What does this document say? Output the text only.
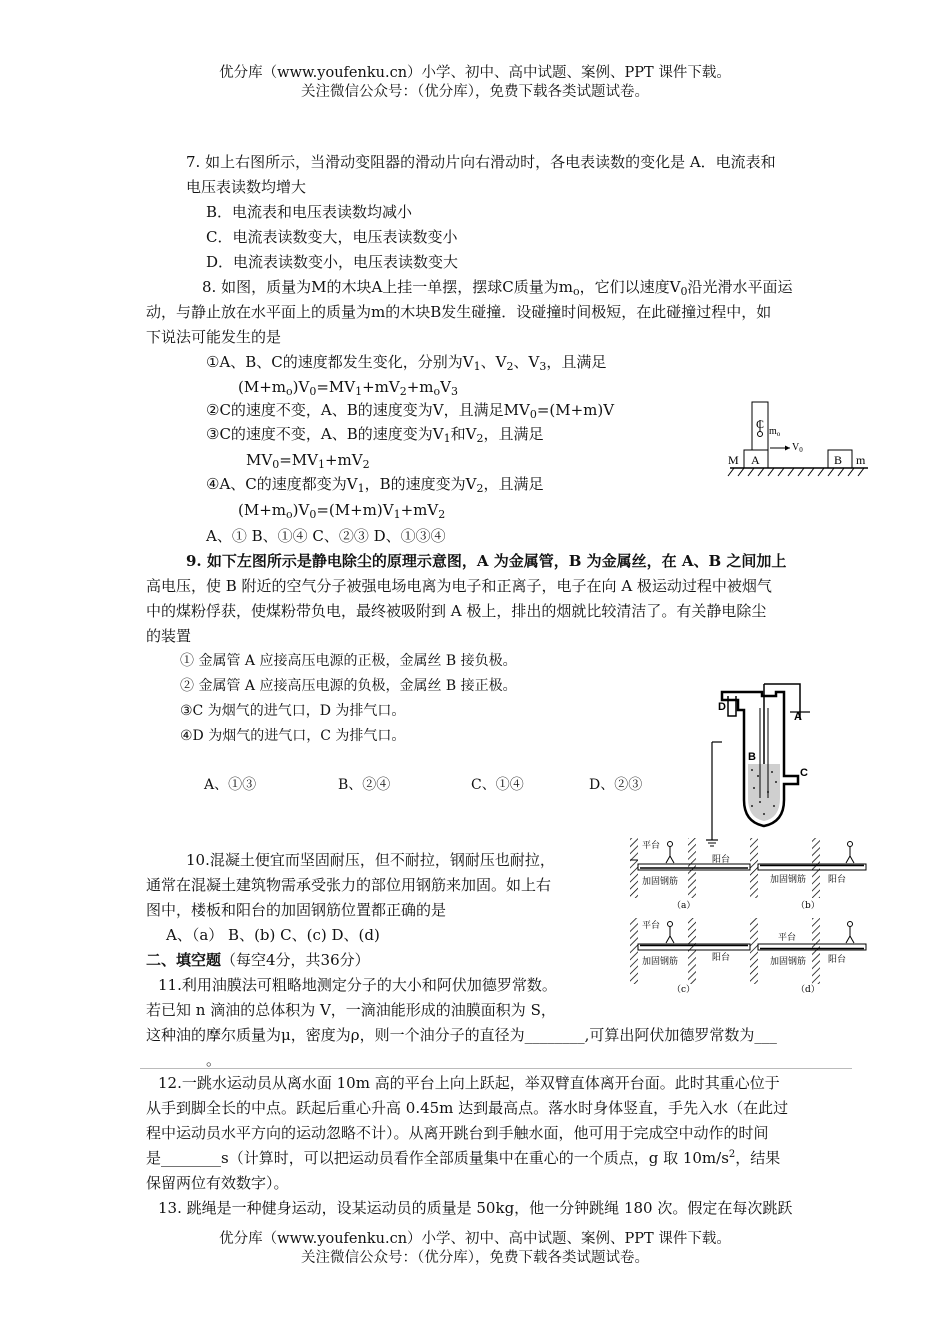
优分库（www.youfenku.cn）小学、初中、高中试题、案例、PPT 课件下载。
关注微信公众号：（优分库），免费下载各类试题试卷。
7. 如上右图所示，当滑动变阻器的滑动片向右滑动时，各电表读数的变化是 A．电流表和
电压表读数均增大
B．电流表和电压表读数均减小
C．电流表读数变大，电压表读数变小
D．电流表读数变小，电压表读数变大
8. 如图，质量为M的木块A上挂一单摆，摆球C质量为$m_o$，它们以速度$V_0$沿光滑水平面运
动，与静止放在水平面上的质量为m的木块B发生碰撞．设碰撞时间极短，在此碰撞过程中，如
下说法可能发生的是
①A、B、C的速度都发生变化，分别为$V_1$、$V_2$、$V_3$，且满足
$(M+m_o)V_0=MV_1+mV_2+m_oV_3$
②C的速度不变，A、B的速度变为V，且满足$MV_0=(M+m)V$
③C的速度不变，A、B的速度变为$V_1$和$V_2$，且满足
$MV_0=MV_1+mV_2$
④A、C的速度都变为$V_1$，B的速度变为$V_2$，且满足
$(M+m_o)V_0=(M+m)V_1+mV_2$
A、① B、①④ C、②③ D、①③④
C
$m_o$
$V_0$
M A	B m
9. 如下左图所示是静电除尘的原理示意图，A 为金属管，B 为金属丝，在 A、B 之间加上
高电压，使 B 附近的空气分子被强电场电离为电子和正离子，电子在向 A 极运动过程中被烟气
中的煤粉俘获，使煤粉带负电，最终被吸附到 A 极上，排出的烟就比较清洁了。有关静电除尘
的装置
① 金属管 A 应接高压电源的正极，金属丝 B 接负极。
② 金属管 A 应接高压电源的负极，金属丝 B 接正极。
③C 为烟气的进气口，D 为排气口。
④D 为烟气的进气口，C 为排气口。
A、①③	B、②④	C、①④	D、②③
A
B
C
D
10.混凝土便宜而坚固耐压，但不耐拉，钢耐压也耐拉，
通常在混凝土建筑物需承受张力的部位用钢筋来加固。如上右
图中，楼板和阳台的加固钢筋位置都正确的是
A、（a） B、(b) C、(c) D、(d)
平台
阳台
加固钢筋
（a）
加固钢筋 阳台
（b）
平台
阳台
加固钢筋
（c）
平台
阳台
加固钢筋
（d）
二、填空题（每空4分，共36分）
11.利用油膜法可粗略地测定分子的大小和阿伏加德罗常数。
若已知 n 滴油的总体积为 V，一滴油能形成的油膜面积为 S，
这种油的摩尔质量为μ，密度为ρ，则一个油分子的直径为________,可算出阿伏加德罗常数为___
________。
12.一跳水运动员从离水面 10m 高的平台上向上跃起，举双臂直体离开台面。此时其重心位于
从手到脚全长的中点。跃起后重心升高 0.45m 达到最高点。落水时身体竖直，手先入水（在此过
程中运动员水平方向的运动忽略不计）。从离开跳台到手触水面，他可用于完成空中动作的时间
是________s（计算时，可以把运动员看作全部质量集中在重心的一个质点，g 取 $10m/s^2$，结果
保留两位有效数字）。
13. 跳绳是一种健身运动，设某运动员的质量是 50kg，他一分钟跳绳 180 次。假定在每次跳跃
优分库（www.youfenku.cn）小学、初中、高中试题、案例、PPT 课件下载。
关注微信公众号：（优分库），免费下载各类试题试卷。
